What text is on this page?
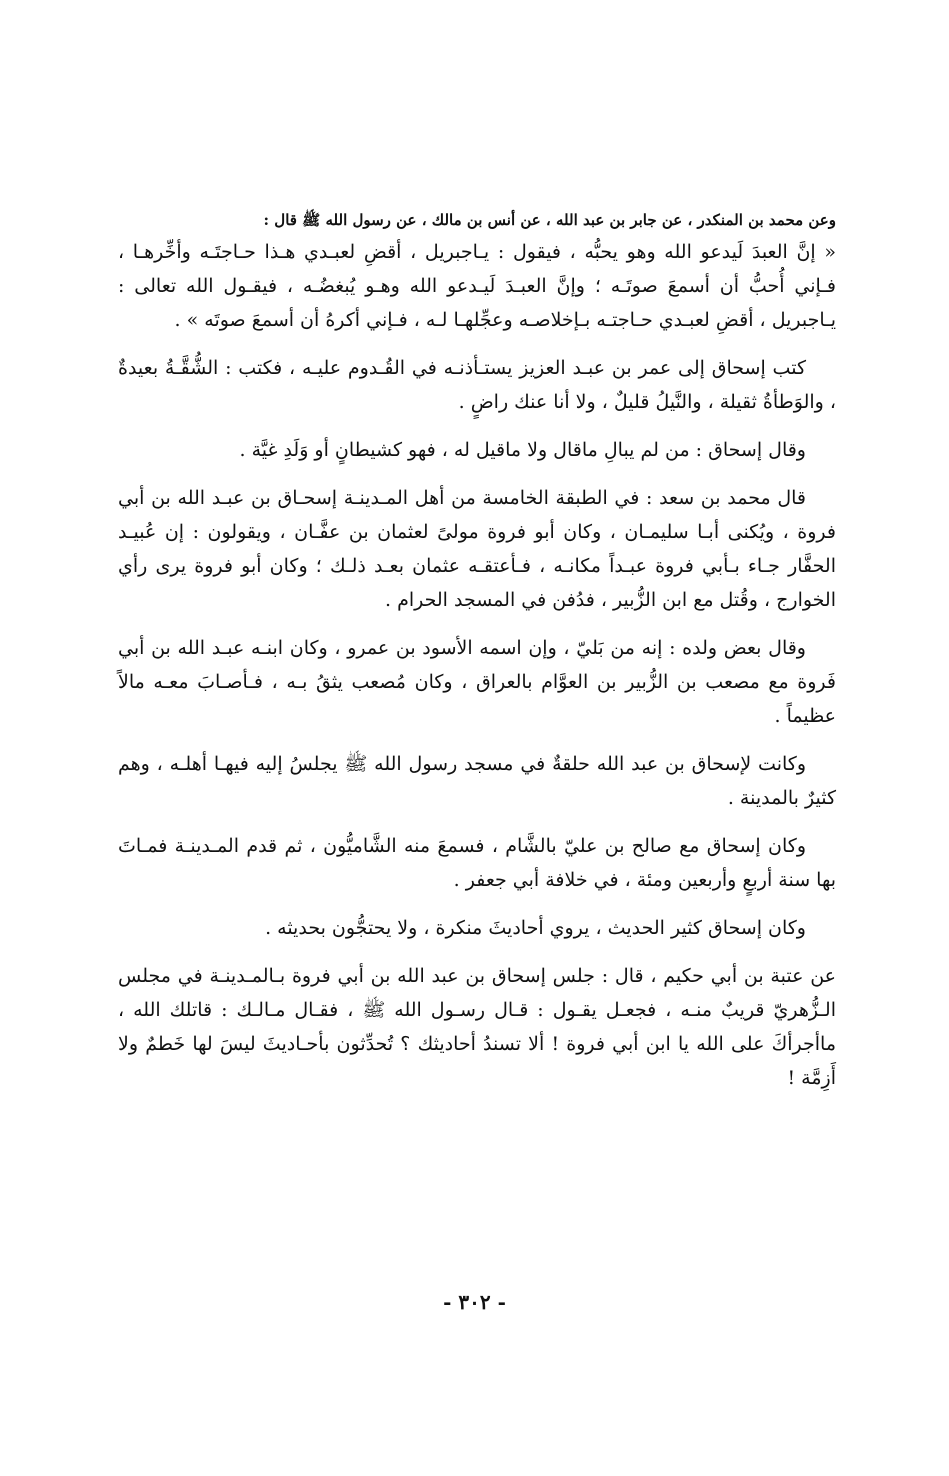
وعن محمد بن المنكدر ، عن جابر بن عبد الله ، عن أنس بن مالك ، عن رسول الله ﷺ قال :

« إنَّ العبدَ لَيدعو الله وهو يحبُّه ، فيقول : يـاجبريل ، أقضِ لعبـدي هـذا حـاجتَـه وأخِّرهـا ، فـإني أُحبُّ أن أسمعَ صوتَـه ؛ وإنَّ العبـدَ لَيـدعو الله وهـو يُبغضُـه ، فيقـول الله تعالى : يـاجبريل ، أقضِ لعبـدي حـاجتـه بـإخلاصـه وعجِّلهـا لـه ، فـإني أكرهُ أن أسمعَ صوتَه » .

كتب إسحاق إلى عمر بن عبـد العزيز يستـأذنـه في القُـدوم عليـه ، فكتب : الشُّقَّـةُ بعيدةٌ ، والوَطأةُ ثقيلة ، والنَّيلُ قليلٌ ، ولا أنا عنك راضٍ .

وقال إسحاق : من لم يبالِ ماقال ولا ماقيل له ، فهو كشيطانٍ أو وَلَدِ غيَّة .

قال محمد بن سعد : في الطبقة الخامسة من أهل المـدينـة إسحـاق بن عبـد الله بن أبي فروة ، ويُكنى أبـا سليمـان ، وكان أبو فروة مولىً لعثمان بن عفَّـان ، ويقولون : إن عُبيـد الحفَّار جـاء بـأبي فروة عبـداً مكانـه ، فـأعتقـه عثمان بعـد ذلـك ؛ وكان أبو فروة يرى رأي الخوارج ، وقُتل مع ابن الزُّبير ، فدُفن في المسجد الحرام .

وقال بعض ولده : إنه من بَليّ ، وإن اسمه الأسود بن عمرو ، وكان ابنـه عبـد الله بن أبي فَروة مع مصعب بن الزُّبير بن العوَّام بالعراق ، وكان مُصعب يثقُ بـه ، فـأصـابَ معـه مالاً عظيماً .

وكانت لإسحاق بن عبد الله حلقةٌ في مسجد رسول الله ﷺ يجلسُ إليه فيهـا أهلـه ، وهم كثيرٌ بالمدينة .

وكان إسحاق مع صالح بن عليّ بالشَّام ، فسمعَ منه الشَّاميُّون ، ثم قدم المـدينـة فمـاتَ بها سنة أربعٍ وأربعين ومئة ، في خلافة أبي جعفر .

وكان إسحاق كثير الحديث ، يروي أحاديثَ منكرة ، ولا يحتجُّون بحديثه .

عن عتبة بن أبي حكيم ، قال : جلس إسحاق بن عبد الله بن أبي فروة بـالمـدينـة في مجلس الـزُّهريّ قريبٌ منـه ، فجعـل يقـول : قـال رسـول الله ﷺ ، فقـال مـالـك : قاتلك الله ، ماأجرأكَ على الله يا ابن أبي فروة ! ألا تسندُ أحاديثك ؟ تُحدِّثون بأحـاديثَ ليسَ لها خَطمٌ ولا أَزِمَّة !

- ٣٠٢ -
